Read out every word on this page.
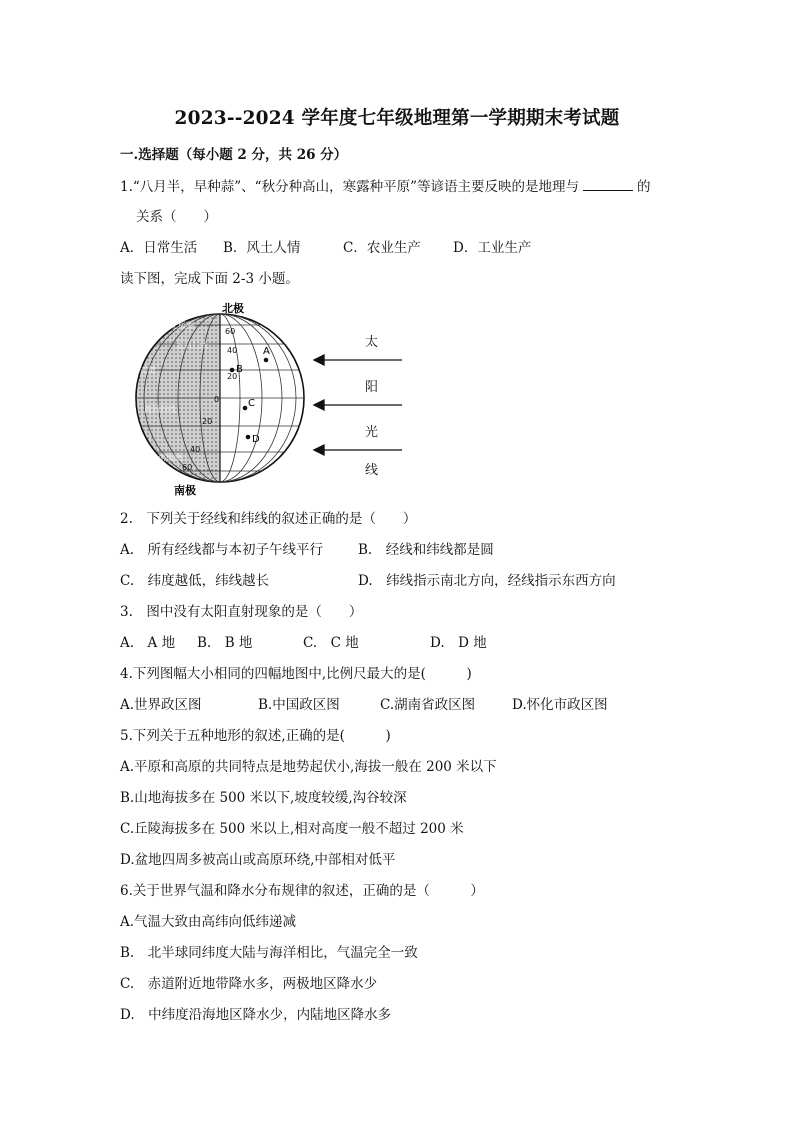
2023--2024 学年度七年级地理第一学期期末考试题
一.选择题（每小题 2 分，共 26 分）
1.“八月半，早种蒜”、“秋分种高山，寒露种平原”等谚语主要反映的是地理与	的
关系（　　）
A．日常生活 B．风土人情	C．农业生产 D．工业生产
读下图，完成下面 2-3 小题。
60
40
20
0
20
40
60
北极圈
北回归线
赤道
南回归线
南极圈
北极
南极
A
B
C
D
太
阳
光
线
2.　下列关于经线和纬线的叙述正确的是（　　）
A.　所有经线都与本初子午线平行	B.　经线和纬线都是圆
C.　纬度越低，纬线越长	D.　纬线指示南北方向，经线指示东西方向
3.　图中没有太阳直射现象的是（　　）
A.　A 地 B.　B 地	C.　C 地	D.　D 地
4.下列图幅大小相同的四幅地图中,比例尺最大的是(　　　)
A.世界政区图	B.中国政区图	C.湖南省政区图	D.怀化市政区图
5.下列关于五种地形的叙述,正确的是(　　　)
A.平原和高原的共同特点是地势起伏小,海拔一般在 200 米以下
B.山地海拔多在 500 米以下,坡度较缓,沟谷较深
C.丘陵海拔多在 500 米以上,相对高度一般不超过 200 米
D.盆地四周多被高山或高原环绕,中部相对低平
6.关于世界气温和降水分布规律的叙述，正确的是（　　　）
A.气温大致由高纬向低纬递减
B.　北半球同纬度大陆与海洋相比，气温完全一致
C.　赤道附近地带降水多，两极地区降水少
D.　中纬度沿海地区降水少，内陆地区降水多
